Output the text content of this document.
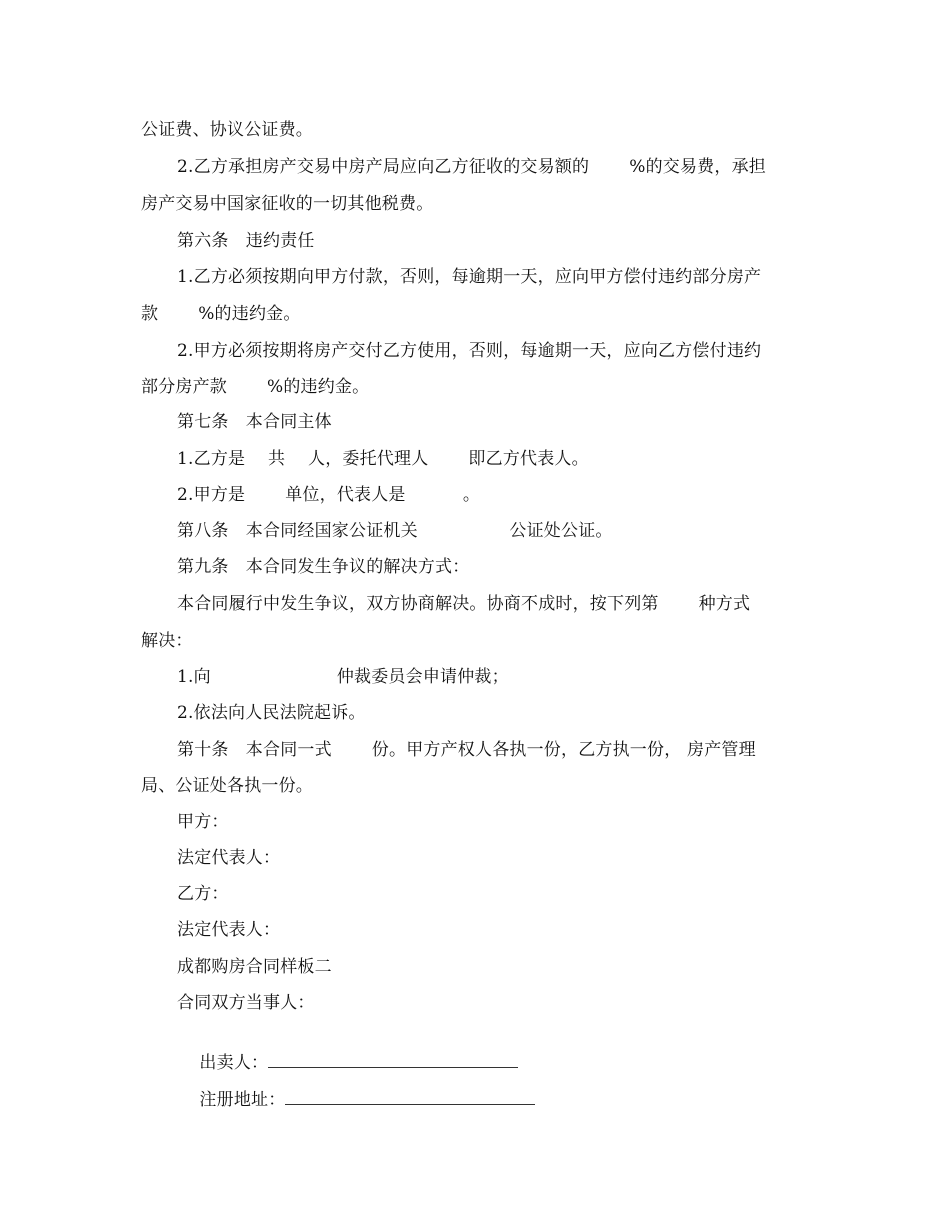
公证费、协议公证费。
2.乙方承担房产交易中房产局应向乙方征收的交易额的　　 %的交易费，承担
房产交易中国家征收的一切其他税费。
第六条　违约责任
1.乙方必须按期向甲方付款，否则，每逾期一天，应向甲方偿付违约部分房产
款　　 %的违约金。
2.甲方必须按期将房产交付乙方使用，否则，每逾期一天，应向乙方偿付违约
部分房产款　　 %的违约金。
第七条　本合同主体
1.乙方是　 共　 人，委托代理人　　 即乙方代表人。
2.甲方是　　 单位，代表人是　　　 。
第八条　本合同经国家公证机关　　　　　 公证处公证。
第九条　本合同发生争议的解决方式：
本合同履行中发生争议，双方协商解决。协商不成时，按下列第　　 种方式
解决：
1.向　　　　　　　 仲裁委员会申请仲裁；
2.依法向人民法院起诉。
第十条　本合同一式　　 份。甲方产权人各执一份，乙方执一份， 房产管理
局、公证处各执一份。
甲方：
法定代表人：
乙方：
法定代表人：
成都购房合同样板二
合同双方当事人：

出卖人：

注册地址：
